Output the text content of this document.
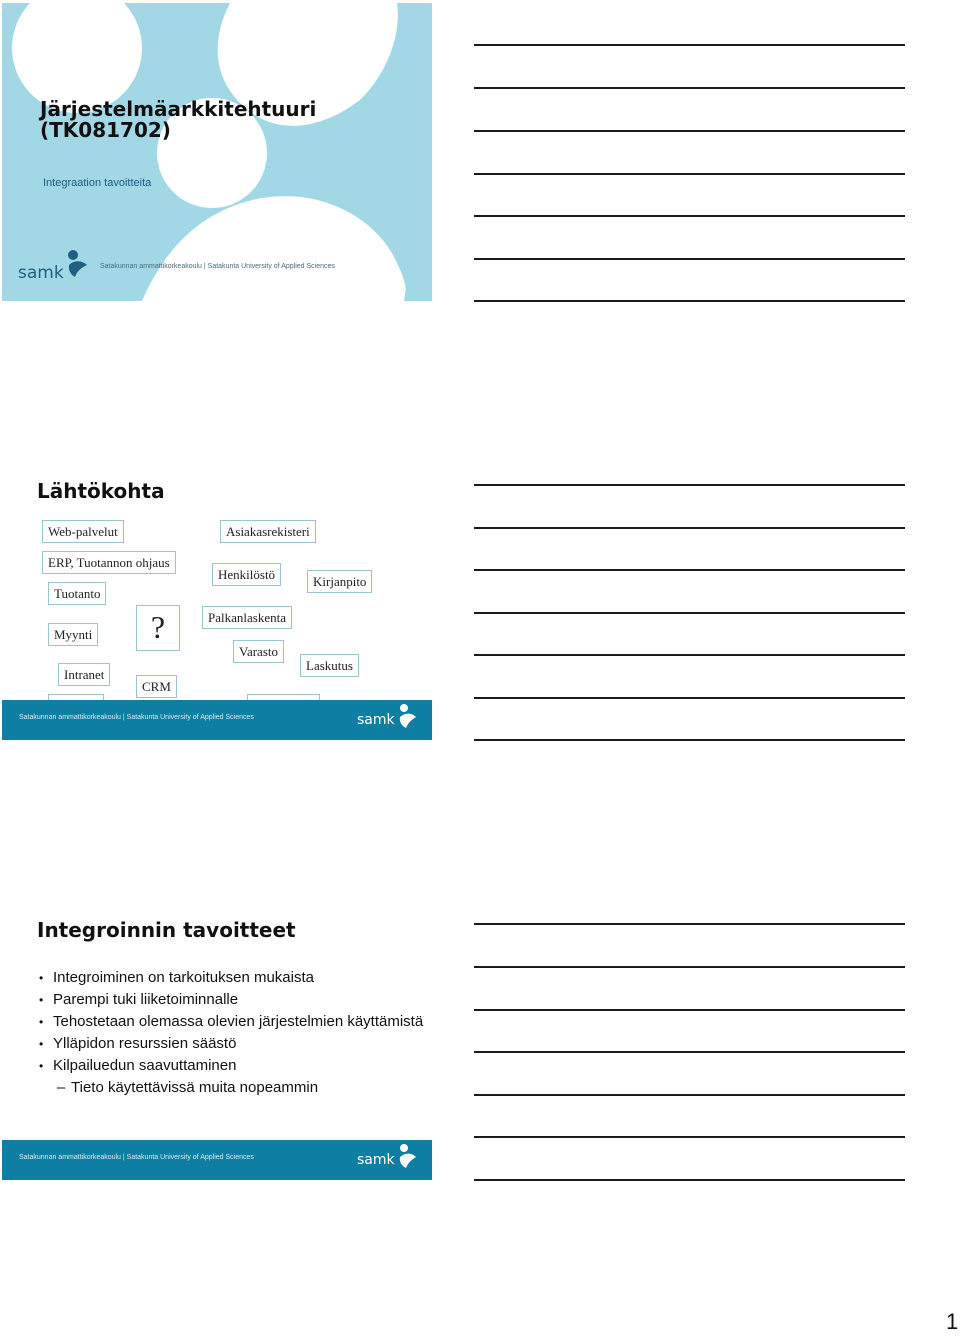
Järjestelmäarkkitehtuuri
(TK081702)
Integraation tavoitteita
samk	Satakunnan ammattikorkeakoulu | Satakunta University of Applied Sciences
Lähtökohta
Web-palvelut
ERP, Tuotannon ohjaus
Tuotanto
Myynti	?
Intranet
CRM
Asiakasrekisteri
Henkilöstö	Kirjanpito
Palkanlaskenta
Varasto
Laskutus
Satakunnan ammattikorkeakoulu | Satakunta University of Applied Sciences	samk
Integroinnin tavoitteet
• Integroiminen on tarkoituksen mukaista
• Parempi tuki liiketoiminnalle
• Tehostetaan olemassa olevien järjestelmien käyttämistä
• Ylläpidon resurssien säästö
• Kilpailuedun saavuttaminen
– Tieto käytettävissä muita nopeammin
Satakunnan ammattikorkeakoulu | Satakunta University of Applied Sciences	samk
1
